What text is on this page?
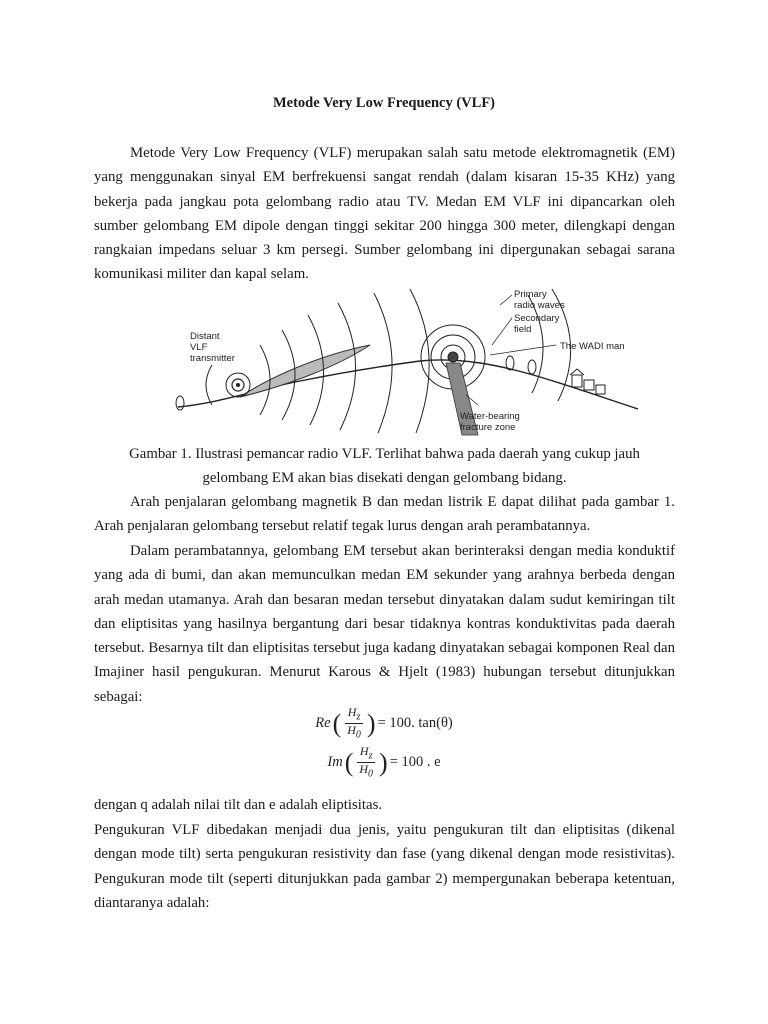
Metode Very Low Frequency (VLF)

Metode Very Low Frequency (VLF) merupakan salah satu metode elektromagnetik (EM) yang menggunakan sinyal EM berfrekuensi sangat rendah (dalam kisaran 15-35 KHz) yang bekerja pada jangkau pota gelombang radio atau TV. Medan EM VLF ini dipancarkan oleh sumber gelombang EM dipole dengan tinggi sekitar 200 hingga 300 meter, dilengkapi dengan rangkaian impedans seluar 3 km persegi. Sumber gelombang ini dipergunakan sebagai sarana komunikasi militer dan kapal selam.

Distant
VLF
transmitter
Primary
radio waves
Secondary
field
The WADI man
Water-bearing
fracture zone

Gambar 1. Ilustrasi pemancar radio VLF. Terlihat bahwa pada daerah yang cukup jauh

gelombang EM akan bias disekati dengan gelombang bidang.

Arah penjalaran gelombang magnetik B dan medan listrik E dapat dilihat pada gambar 1. Arah penjalaran gelombang tersebut relatif tegak lurus dengan arah perambatannya.

Dalam perambatannya, gelombang EM tersebut akan berinteraksi dengan media konduktif yang ada di bumi, dan akan memunculkan medan EM sekunder yang arahnya berbeda dengan arah medan utamanya. Arah dan besaran medan tersebut dinyatakan dalam sudut kemiringan tilt dan eliptisitas yang hasilnya bergantung dari besar tidaknya kontras konduktivitas pada daerah tersebut. Besarnya tilt dan eliptisitas tersebut juga kadang dinyatakan sebagai komponen Real dan Imajiner hasil pengukuran. Menurut Karous & Hjelt (1983) hubungan tersebut ditunjukkan sebagai:

Re ( $\frac{H_z}{H_0}$ ) = 100. tan(θ)
Im ( $\frac{H_z}{H_0}$ ) = 100 . e

dengan q adalah nilai tilt dan e adalah eliptisitas.

Pengukuran VLF dibedakan menjadi dua jenis, yaitu pengukuran tilt dan eliptisitas (dikenal dengan mode tilt) serta pengukuran resistivity dan fase (yang dikenal dengan mode resistivitas). Pengukuran mode tilt (seperti ditunjukkan pada gambar 2) mempergunakan beberapa ketentuan, diantaranya adalah:
